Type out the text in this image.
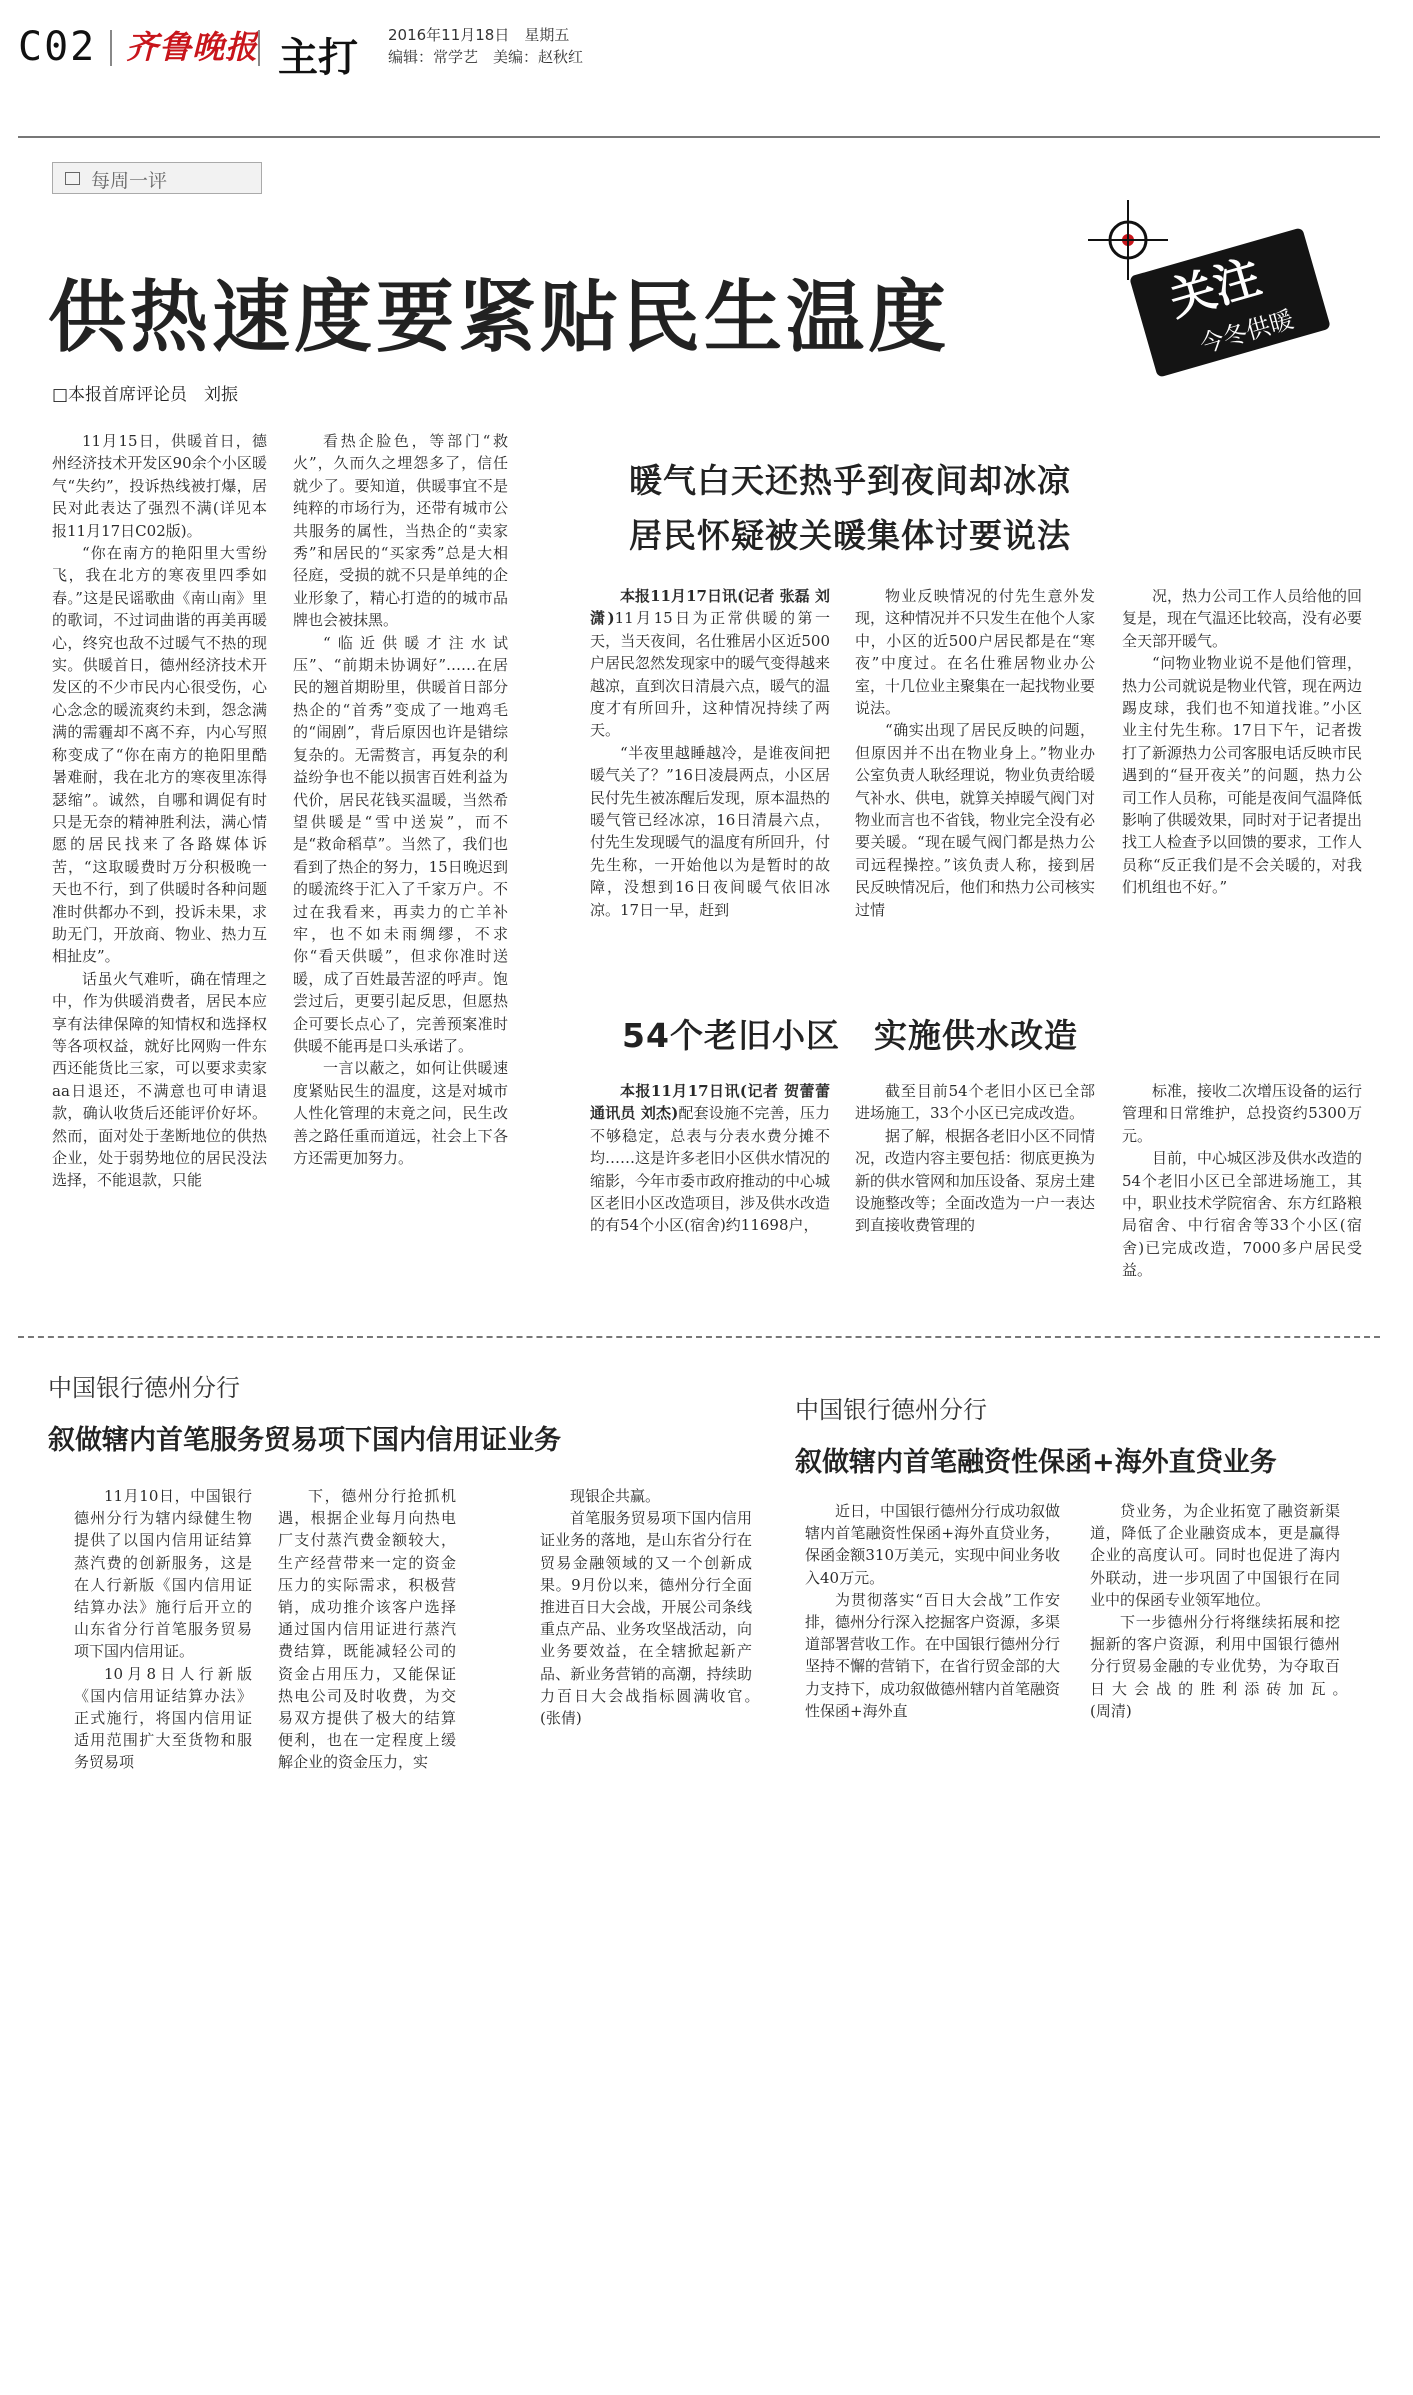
C02 齐鲁晚报 主打 2016年11月18日　星期五
编辑：常学艺　美编：赵秋红
每周一评
供热速度要紧贴民生温度	关注
今冬供暖
□本报首席评论员　刘振

11月15日，供暖首日，德州经济技术开发区90余个小区暖气“失约”，投诉热线被打爆，居民对此表达了强烈不满(详见本报11月17日C02版)。

“你在南方的艳阳里大雪纷飞，我在北方的寒夜里四季如春。”这是民谣歌曲《南山南》里的歌词，不过词曲谐的再美再暖心，终究也敌不过暖气不热的现实。供暖首日，德州经济技术开发区的不少市民内心很受伤，心心念念的暖流爽约未到，怨念满满的需霾却不离不弃，内心写照称变成了“你在南方的艳阳里酷暑难耐，我在北方的寒夜里冻得瑟缩”。诚然，自哪和调促有时只是无奈的精神胜利法，满心情愿的居民找来了各路媒体诉苦，“这取暖费时万分积极晚一天也不行，到了供暖时各种问题准时供都办不到，投诉未果，求助无门，开放商、物业、热力互相扯皮”。

话虽火气难听，确在情理之中，作为供暖消费者，居民本应享有法律保障的知情权和选择权等各项权益，就好比网购一件东西还能货比三家，可以要求卖家aa日退还，不满意也可申请退款，确认收货后还能评价好坏。然而，面对处于垄断地位的供热企业，处于弱势地位的居民没法选择，不能退款，只能

看热企脸色，等部门“救火”，久而久之埋怨多了，信任就少了。要知道，供暖事宜不是纯粹的市场行为，还带有城市公共服务的属性，当热企的“卖家秀”和居民的“买家秀”总是大相径庭，受损的就不只是单纯的企业形象了，精心打造的的城市品牌也会被抹黑。

“临近供暖才注水试压”、“前期未协调好”……在居民的翘首期盼里，供暖首日部分热企的“首秀”变成了一地鸡毛的“闹剧”，背后原因也许是错综复杂的。无需赘言，再复杂的利益纷争也不能以损害百姓利益为代价，居民花钱买温暖，当然希望供暖是“雪中送炭”，而不是“救命稻草”。当然了，我们也看到了热企的努力，15日晚迟到的暖流终于汇入了千家万户。不过在我看来，再卖力的亡羊补牢，也不如未雨绸缪，不求你“看天供暖”，但求你准时送暖，成了百姓最苦涩的呼声。饱尝过后，更要引起反思，但愿热企可要长点心了，完善预案准时供暖不能再是口头承诺了。

一言以蔽之，如何让供暖速度紧贴民生的温度，这是对城市人性化管理的末竟之问，民生改善之路任重而道远，社会上下各方还需更加努力。

暖气白天还热乎到夜间却冰凉
居民怀疑被关暖集体讨要说法

本报11月17日讯(记者 张磊 刘潇)11月15日为正常供暖的第一天，当天夜间，名仕雅居小区近500户居民忽然发现家中的暖气变得越来越凉，直到次日清晨六点，暖气的温度才有所回升，这种情况持续了两天。

“半夜里越睡越冷，是谁夜间把暖气关了？”16日凌晨两点，小区居民付先生被冻醒后发现，原本温热的暖气管已经冰凉，16日清晨六点，付先生发现暖气的温度有所回升，付先生称，一开始他以为是暂时的故障，没想到16日夜间暖气依旧冰凉。17日一早，赶到

物业反映情况的付先生意外发现，这种情况并不只发生在他个人家中，小区的近500户居民都是在“寒夜”中度过。在名仕雅居物业办公室，十几位业主聚集在一起找物业要说法。

“确实出现了居民反映的问题，但原因并不出在物业身上。”物业办公室负责人耿经理说，物业负责给暖气补水、供电，就算关掉暖气阀门对物业而言也不省钱，物业完全没有必要关暖。“现在暖气阀门都是热力公司远程操控。”该负责人称，接到居民反映情况后，他们和热力公司核实过情

况，热力公司工作人员给他的回复是，现在气温还比较高，没有必要全天部开暖气。

“问物业物业说不是他们管理，热力公司就说是物业代管，现在两边踢皮球，我们也不知道找谁。”小区业主付先生称。17日下午，记者拨打了新源热力公司客服电话反映市民遇到的“昼开夜关”的问题，热力公司工作人员称，可能是夜间气温降低影响了供暖效果，同时对于记者提出找工人检查予以回馈的要求，工作人员称“反正我们是不会关暖的，对我们机组也不好。”

54个老旧小区　实施供水改造

本报11月17日讯(记者 贺蕾蕾 通讯员 刘杰)配套设施不完善，压力不够稳定，总表与分表水费分摊不均……这是许多老旧小区供水情况的缩影，今年市委市政府推动的中心城区老旧小区改造项目，涉及供水改造的有54个小区(宿舍)约11698户，

截至目前54个老旧小区已全部进场施工，33个小区已完成改造。

据了解，根据各老旧小区不同情况，改造内容主要包括：彻底更换为新的供水管网和加压设备、泵房土建设施整改等；全面改造为一户一表达到直接收费管理的

标准，接收二次增压设备的运行管理和日常维护，总投资约5300万元。

目前，中心城区涉及供水改造的54个老旧小区已全部进场施工，其中，职业技术学院宿舍、东方红路粮局宿舍、中行宿舍等33个小区(宿舍)已完成改造，7000多户居民受益。

中国银行德州分行
叙做辖内首笔服务贸易项下国内信用证业务

11月10日，中国银行德州分行为辖内绿健生物提供了以国内信用证结算蒸汽费的创新服务，这是在人行新版《国内信用证结算办法》施行后开立的山东省分行首笔服务贸易项下国内信用证。

10月8日人行新版《国内信用证结算办法》正式施行，将国内信用证适用范围扩大至货物和服务贸易项

下，德州分行抢抓机遇，根据企业每月向热电厂支付蒸汽费金额较大，生产经营带来一定的资金压力的实际需求，积极营销，成功推介该客户选择通过国内信用证进行蒸汽费结算，既能减轻公司的资金占用压力，又能保证热电公司及时收费，为交易双方提供了极大的结算便利，也在一定程度上缓解企业的资金压力，实

现银企共赢。

首笔服务贸易项下国内信用证业务的落地，是山东省分行在贸易金融领域的又一个创新成果。9月份以来，德州分行全面推进百日大会战，开展公司条线重点产品、业务攻坚战活动，向业务要效益，在全辖掀起新产品、新业务营销的高潮，持续助力百日大会战指标圆满收官。　　　　　(张倩)

中国银行德州分行
叙做辖内首笔融资性保函+海外直贷业务

近日，中国银行德州分行成功叙做辖内首笔融资性保函+海外直贷业务，保函金额310万美元，实现中间业务收入40万元。

为贯彻落实“百日大会战”工作安排，德州分行深入挖掘客户资源，多渠道部署营收工作。在中国银行德州分行坚持不懈的营销下，在省行贸金部的大力支持下，成功叙做德州辖内首笔融资性保函+海外直

贷业务，为企业拓宽了融资新渠道，降低了企业融资成本，更是赢得企业的高度认可。同时也促进了海内外联动，进一步巩固了中国银行在同业中的保函专业领军地位。

下一步德州分行将继续拓展和挖掘新的客户资源，利用中国银行德州分行贸易金融的专业优势，为夺取百日大会战的胜利添砖加瓦。　　　　(周清)
